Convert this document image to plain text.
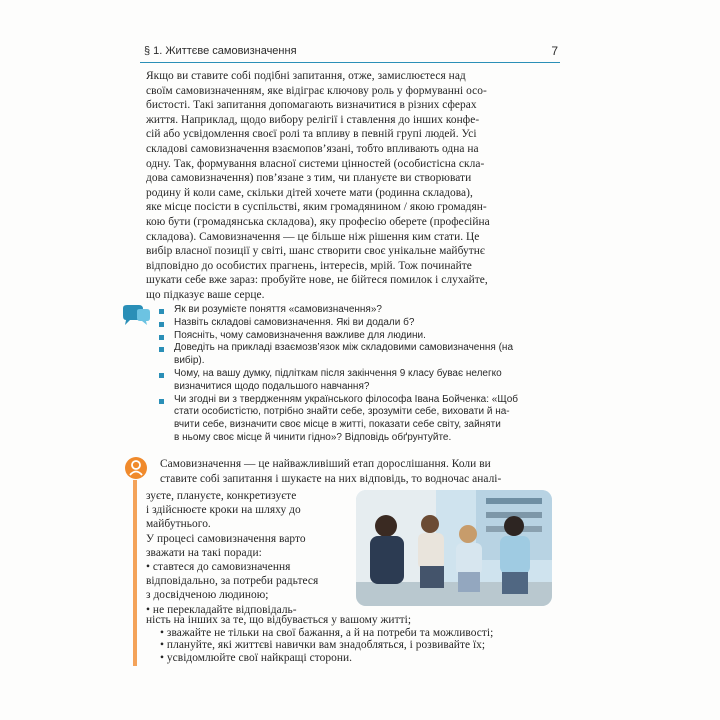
§ 1. Життєве самовизначення	7
Якщо ви ставите собі подібні запитання, отже, замислюєтеся над
своїм самовизначенням, яке відіграє ключову роль у формуванні осо-
бистості. Такі запитання допомагають визначитися в різних сферах
життя. Наприклад, щодо вибору релігії і ставлення до інших конфе-
сій або усвідомлення своєї ролі та впливу в певній групі людей. Усі
складові самовизначення взаємопов’язані, тобто впливають одна на
одну. Так, формування власної системи цінностей (особистісна скла-
дова самовизначення) пов’язане з тим, чи плануєте ви створювати
родину й коли саме, скільки дітей хочете мати (родинна складова),
яке місце посісти в суспільстві, яким громадянином / якою громадян-
кою бути (громадянська складова), яку професію оберете (професійна
складова). Самовизначення — це більше ніж рішення ким стати. Це
вибір власної позиції у світі, шанс створити своє унікальне майбутнє
відповідно до особистих прагнень, інтересів, мрій. Тож починайте
шукати себе вже зараз: пробуйте нове, не бійтеся помилок і слухайте,
що підказує ваше серце.
Як ви розумієте поняття «самовизначення»?
Назвіть складові самовизначення. Які ви додали б?
Поясніть, чому самовизначення важливе для людини.
Доведіть на прикладі взаємозв’язок між складовими самовизначення (на
вибір).
Чому, на вашу думку, підліткам після закінчення 9 класу буває нелегко
визначитися щодо подальшого навчання?
Чи згодні ви з твердженням українського філософа Івана Бойченка: «Щоб
стати особистістю, потрібно знайти себе, зрозуміти себе, виховати й на-
вчити себе, визначити своє місце в житті, показати себе світу, зайняти
в ньому своє місце й чинити гідно»? Відповідь обґрунтуйте.
Самовизначення — це найважливіший етап дорослішання. Коли ви
ставите собі запитання і шукаєте на них відповідь, то водночас аналі-
зуєте, плануєте, конкретизуєте
і здійснюєте кроки на шляху до
майбутнього.
У процесі самовизначення варто
зважати на такі поради:
• ставтеся до самовизначення
відповідально, за потреби радьтеся
з досвідченою людиною;
• не перекладайте відповідаль-
ність на інших за те, що відбувається у вашому житті;
• зважайте не тільки на свої бажання, а й на потреби та можливості;
• плануйте, які життєві навички вам знадобляться, і розвивайте їх;
• усвідомлюйте свої найкращі сторони.
